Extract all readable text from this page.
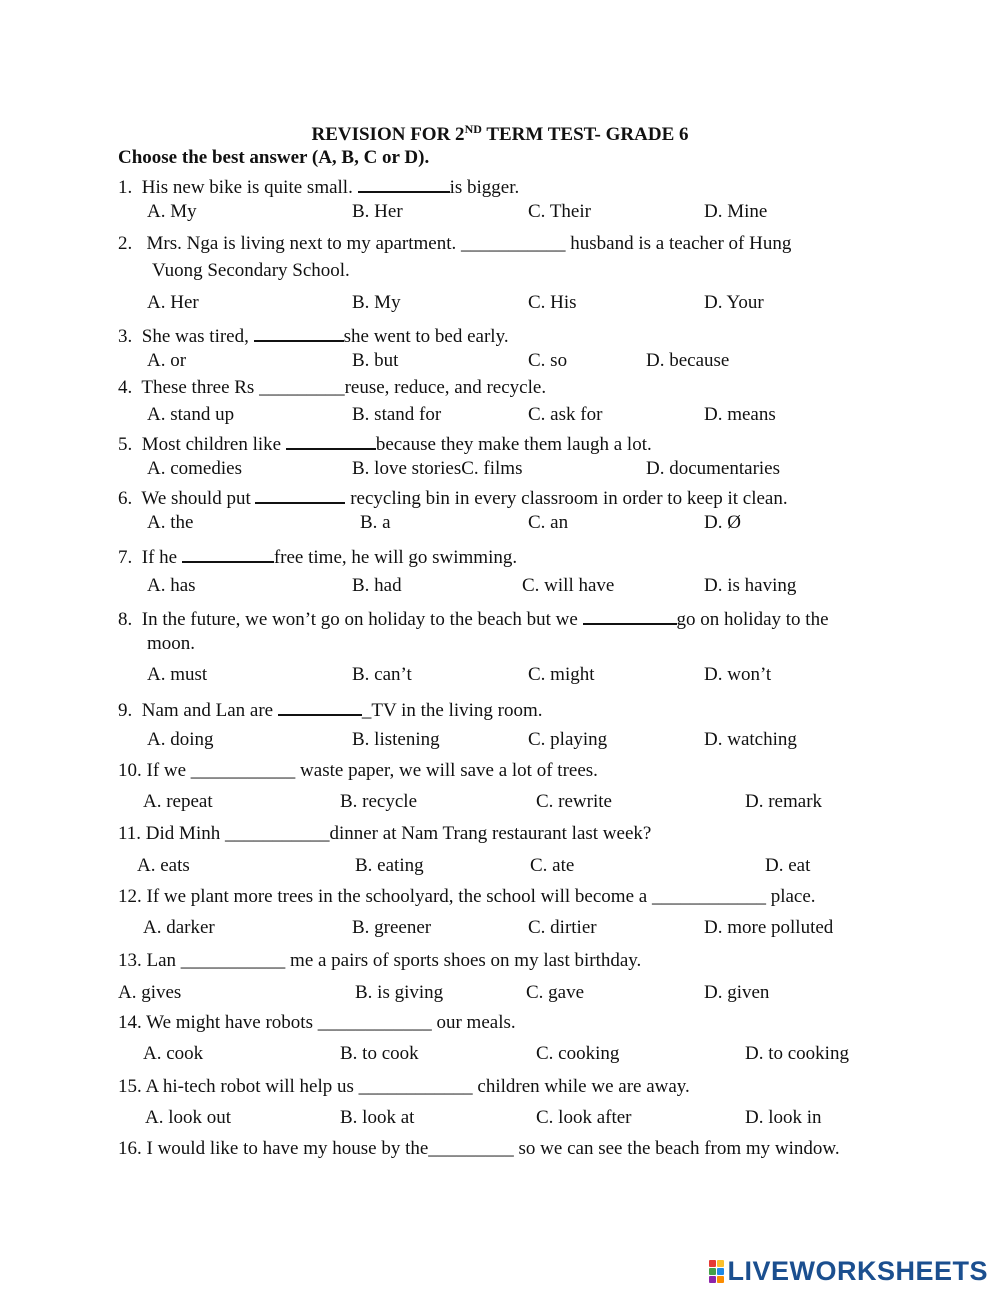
REVISION FOR 2ND TERM TEST- GRADE 6
Choose the best answer (A, B, C or D).
1. His new bike is quite small.	is bigger.
A. My	B. Her	C. Their	D. Mine
2. Mrs. Nga is living next to my apartment. ___________ husband is a teacher of Hung
Vuong Secondary School.
A. Her	B. My	C. His	D. Your
3. She was tired,	she went to bed early.
A. or	B. but	C. so	D. because
4. These three Rs _________reuse, reduce, and recycle.
A. stand up	B. stand for	C. ask for	D. means
5. Most children like	because they make them laugh a lot.
A. comedies	B. love storiesC. films	D. documentaries
6. We should put	recycling bin in every classroom in order to keep it clean.
A. the	B. a	C. an	D. Ø
7. If he	free time, he will go swimming.
A. has	B. had	C. will have	D. is having
8. In the future, we won’t go on holiday to the beach but we	go on holiday to the
moon.
A. must	B. can’t	C. might	D. won’t
9. Nam and Lan are	_TV in the living room.
A. doing	B. listening	C. playing	D. watching
10. If we ___________ waste paper, we will save a lot of trees.
A. repeat	B. recycle	C. rewrite	D. remark
11. Did Minh ___________dinner at Nam Trang restaurant last week?
A. eats	B. eating	C. ate	D. eat
12. If we plant more trees in the schoolyard, the school will become a ____________ place.
A. darker	B. greener	C. dirtier	D. more polluted
13. Lan ___________ me a pairs of sports shoes on my last birthday.
A. gives	B. is giving	C. gave	D. given
14. We might have robots ____________ our meals.
A. cook	B. to cook	C. cooking	D. to cooking
15. A hi-tech robot will help us ____________ children while we are away.
A. look out	B. look at	C. look after	D. look in
16. I would like to have my house by the_________ so we can see the beach from my window.
LIVEWORKSHEETS
